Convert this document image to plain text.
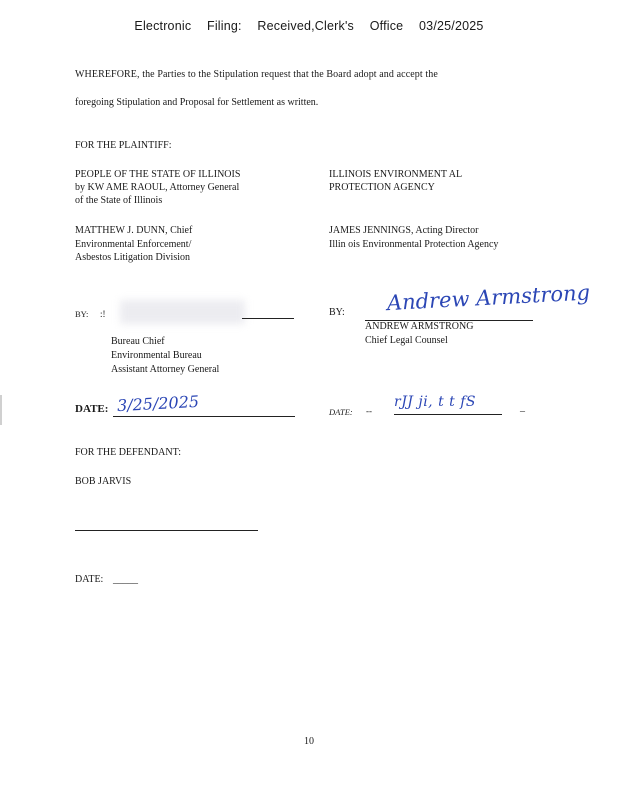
Electronic Filing: Received,Clerk's Office 03/25/2025
WHEREFORE, the Parties to the Stipulation request that the Board adopt and accept the
foregoing Stipulation and Proposal for Settlement as written.
FOR THE PLAINTIFF:
PEOPLE OF THE STATE OF ILLINOIS
by KW AME RAOUL, Attorney General
of the State of Illinois
ILLINOIS ENVIRONMENT AL
PROTECTION AGENCY
MATTHEW J. DUNN, Chief
Environmental Enforcement/
Asbestos Litigation Division
JAMES JENNINGS, Acting Director
Illin ois Environmental Protection Agency
BY: :!
Bureau Chief
Environmental Bureau
Assistant Attorney General
BY: Andrew Armstrong
ANDREW ARMSTRONG
Chief Legal Counsel
DATE: 3/25/2025	DATE: --
rJJ ji, t t fS	_
FOR THE DEFENDANT:
BOB JARVIS
DATE: _____
10
